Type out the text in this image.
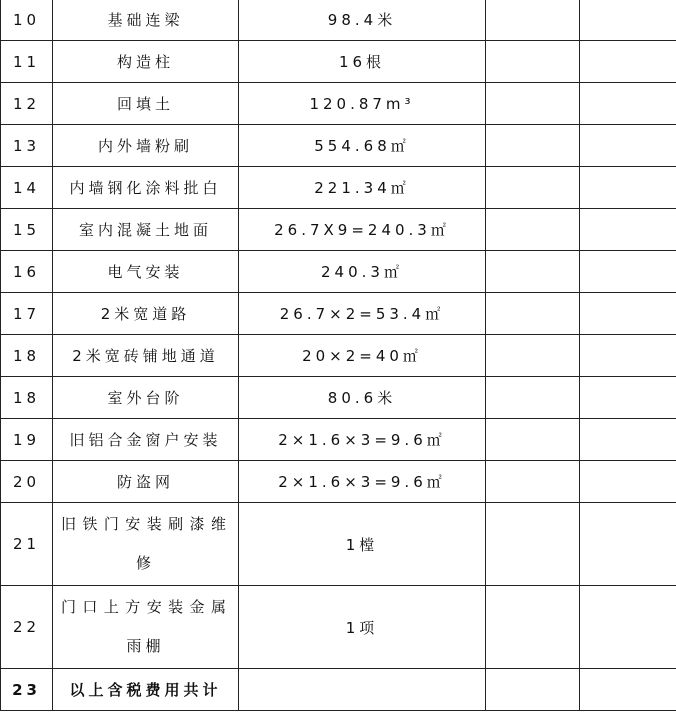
10	基础连梁	98.4米		
11	构造柱	16根		
12	回填土	120.87m³		
13	内外墙粉刷	554.68㎡		
14	内墙钢化涂料批白	221.34㎡		
15	室内混凝土地面	26.7X9=240.3㎡		
16	电气安装	240.3㎡		
17	2米宽道路	26.7×2=53.4㎡		
18	2米宽砖铺地通道	20×2=40㎡		
18	室外台阶	80.6米		
19	旧铝合金窗户安装	2×1.6×3=9.6㎡		
20	防盗网	2×1.6×3=9.6㎡		
21	旧铁门安装刷漆维修	1樘		
22	门口上方安装金属雨棚	1项		
23	以上含税费用共计			
